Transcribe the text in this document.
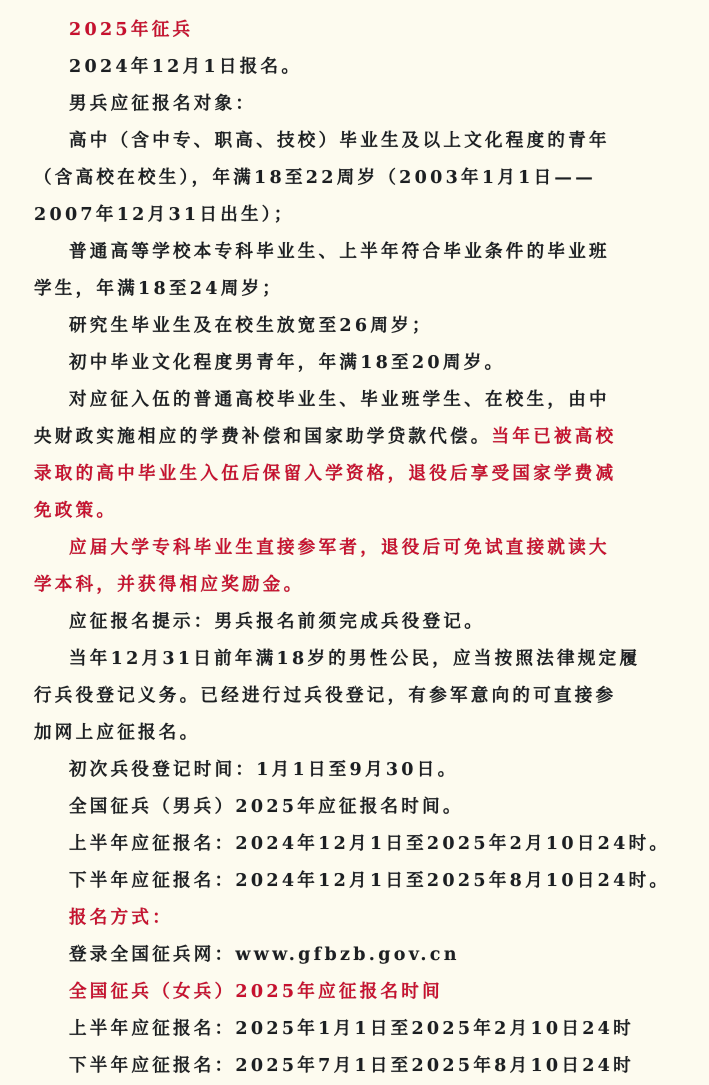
2025年征兵
2024年12月1日报名。
男兵应征报名对象：
高中（含中专、职高、技校）毕业生及以上文化程度的青年
（含高校在校生），年满18至22周岁（2003年1月1日——
2007年12月31日出生）；
普通高等学校本专科毕业生、上半年符合毕业条件的毕业班
学生，年满18至24周岁；
研究生毕业生及在校生放宽至26周岁；
初中毕业文化程度男青年，年满18至20周岁。
对应征入伍的普通高校毕业生、毕业班学生、在校生，由中
央财政实施相应的学费补偿和国家助学贷款代偿。当年已被高校
录取的高中毕业生入伍后保留入学资格，退役后享受国家学费减
免政策。
应届大学专科毕业生直接参军者，退役后可免试直接就读大
学本科，并获得相应奖励金。
应征报名提示：男兵报名前须完成兵役登记。
当年12月31日前年满18岁的男性公民，应当按照法律规定履
行兵役登记义务。已经进行过兵役登记，有参军意向的可直接参
加网上应征报名。
初次兵役登记时间：1月1日至9月30日。
全国征兵（男兵）2025年应征报名时间。
上半年应征报名：2024年12月1日至2025年2月10日24时。
下半年应征报名：2024年12月1日至2025年8月10日24时。
报名方式：
登录全国征兵网：www.gfbzb.gov.cn
全国征兵（女兵）2025年应征报名时间
上半年应征报名：2025年1月1日至2025年2月10日24时
下半年应征报名：2025年7月1日至2025年8月10日24时
